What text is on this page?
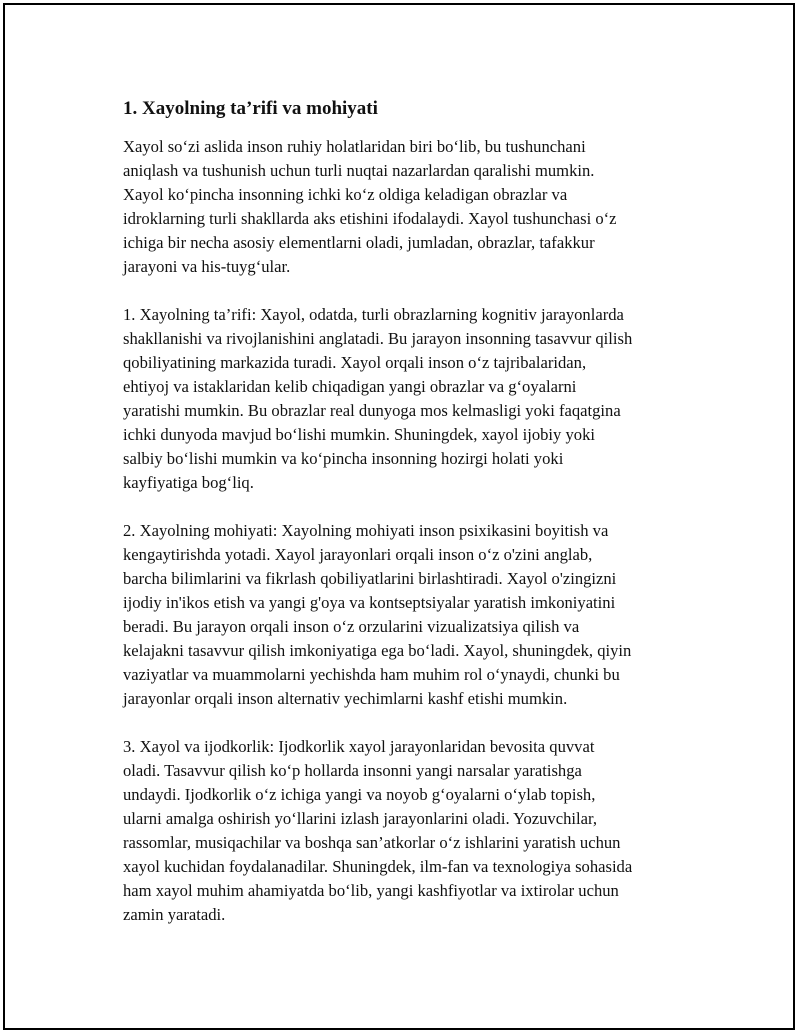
1. Xayolning ta’rifi va mohiyati
Xayol so‘zi aslida inson ruhiy holatlaridan biri bo‘lib, bu tushunchani
aniqlash va tushunish uchun turli nuqtai nazarlardan qaralishi mumkin.
Xayol ko‘pincha insonning ichki ko‘z oldiga keladigan obrazlar va
idroklarning turli shakllarda aks etishini ifodalaydi. Xayol tushunchasi o‘z
ichiga bir necha asosiy elementlarni oladi, jumladan, obrazlar, tafakkur
jarayoni va his-tuyg‘ular.
1. Xayolning ta’rifi: Xayol, odatda, turli obrazlarning kognitiv jarayonlarda
shakllanishi va rivojlanishini anglatadi. Bu jarayon insonning tasavvur qilish
qobiliyatining markazida turadi. Xayol orqali inson o‘z tajribalaridan,
ehtiyoj va istaklaridan kelib chiqadigan yangi obrazlar va g‘oyalarni
yaratishi mumkin. Bu obrazlar real dunyoga mos kelmasligi yoki faqatgina
ichki dunyoda mavjud bo‘lishi mumkin. Shuningdek, xayol ijobiy yoki
salbiy bo‘lishi mumkin va ko‘pincha insonning hozirgi holati yoki
kayfiyatiga bog‘liq.
2. Xayolning mohiyati: Xayolning mohiyati inson psixikasini boyitish va
kengaytirishda yotadi. Xayol jarayonlari orqali inson o‘z o'zini anglab,
barcha bilimlarini va fikrlash qobiliyatlarini birlashtiradi. Xayol o'zingizni
ijodiy in'ikos etish va yangi g'oya va kontseptsiyalar yaratish imkoniyatini
beradi. Bu jarayon orqali inson o‘z orzularini vizualizatsiya qilish va
kelajakni tasavvur qilish imkoniyatiga ega bo‘ladi. Xayol, shuningdek, qiyin
vaziyatlar va muammolarni yechishda ham muhim rol o‘ynaydi, chunki bu
jarayonlar orqali inson alternativ yechimlarni kashf etishi mumkin.
3. Xayol va ijodkorlik: Ijodkorlik xayol jarayonlaridan bevosita quvvat
oladi. Tasavvur qilish ko‘p hollarda insonni yangi narsalar yaratishga
undaydi. Ijodkorlik o‘z ichiga yangi va noyob g‘oyalarni o‘ylab topish,
ularni amalga oshirish yo‘llarini izlash jarayonlarini oladi. Yozuvchilar,
rassomlar, musiqachilar va boshqa san’atkorlar o‘z ishlarini yaratish uchun
xayol kuchidan foydalanadilar. Shuningdek, ilm-fan va texnologiya sohasida
ham xayol muhim ahamiyatda bo‘lib, yangi kashfiyotlar va ixtirolar uchun
zamin yaratadi.
